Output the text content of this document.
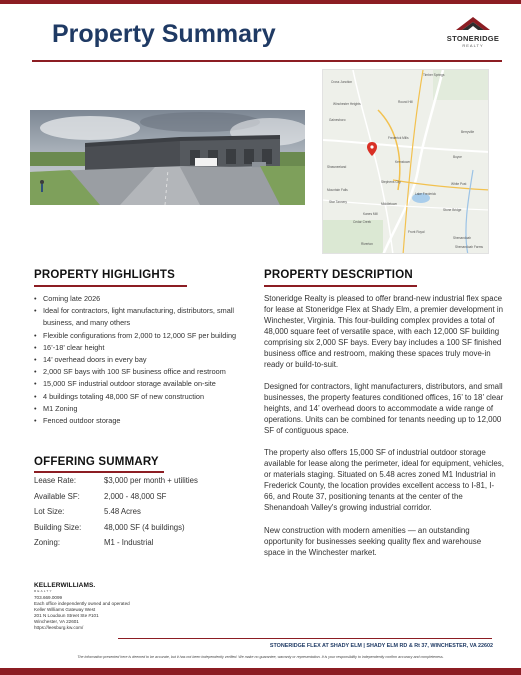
Property Summary	STONERIDGE
REALTY
Timber Springs
Cross Junction
Winchester Heights
Gainesboro
Shawneeland
Frederick Mills
Stephens City
Kernstown
Lake Frederick
Stone Bridge
Middletown
Shenandoah Farms
Star Tannery
Mountain Falls
Round Hill
Boyce
White Post
Berryville
Cedar Creek
Kanes Mill
Riverton
Shenandoah
Front Royal
PROPERTY HIGHLIGHTS
• Coming late 2026
• Ideal for contractors, light manufacturing, distributors, small business, and many others
• Flexible configurations from 2,000 to 12,000 SF per building
• 16’-18’ clear height
• 14’ overhead doors in every bay
• 2,000 SF bays with 100 SF business office and restroom
• 15,000 SF industrial outdoor storage available on-site
• 4 buildings totaling 48,000 SF of new construction
• M1 Zoning
• Fenced outdoor storage
OFFERING SUMMARY
Lease Rate:	$3,000 per month + utilities
Available SF:	2,000 - 48,000 SF
Lot Size:	5.48 Acres
Building Size:	48,000 SF (4 buildings)
Zoning:	M1 - Industrial
PROPERTY DESCRIPTION

Stoneridge Realty is pleased to offer brand-new industrial flex space for lease at Stoneridge Flex at Shady Elm, a premier development in Winchester, Virginia. This four-building complex provides a total of 48,000 square feet of versatile space, with each 12,000 SF building comprising six 2,000 SF bays. Every bay includes a 100 SF finished business office and restroom, making these spaces truly move-in ready or build-to-suit.

Designed for contractors, light manufacturers, distributors, and small businesses, the property features conditioned offices, 16’ to 18’ clear heights, and 14’ overhead doors to accommodate a wide range of operations. Units can be combined for tenants needing up to 12,000 SF of contiguous space.

The property also offers 15,000 SF of industrial outdoor storage available for lease along the perimeter, ideal for equipment, vehicles, or materials staging. Situated on 5.48 acres zoned M1 Industrial in Frederick County, the location provides excellent access to I-81, I-66, and Route 37, positioning tenants at the center of the Shenandoah Valley's growing industrial corridor.

New construction with modern amenities — an outstanding opportunity for businesses seeking quality flex and warehouse space in the Winchester market.

KELLERWILLIAMS.
REALTY
703.669.0099
Each office independently owned and operated
Keller Williams Gateway West
201 N Loudoun Street Ste #101
Winchester, VA 22601
https://leesburg.kw.com/
STONERIDGE FLEX AT SHADY ELM | SHADY ELM RD & Rt 37, WINCHESTER, VA 22602
The information presented here is deemed to be accurate, but it has not been independently verified. We make no guarantee, warranty or representation. It is your responsibility to independently confirm accuracy and completeness.
